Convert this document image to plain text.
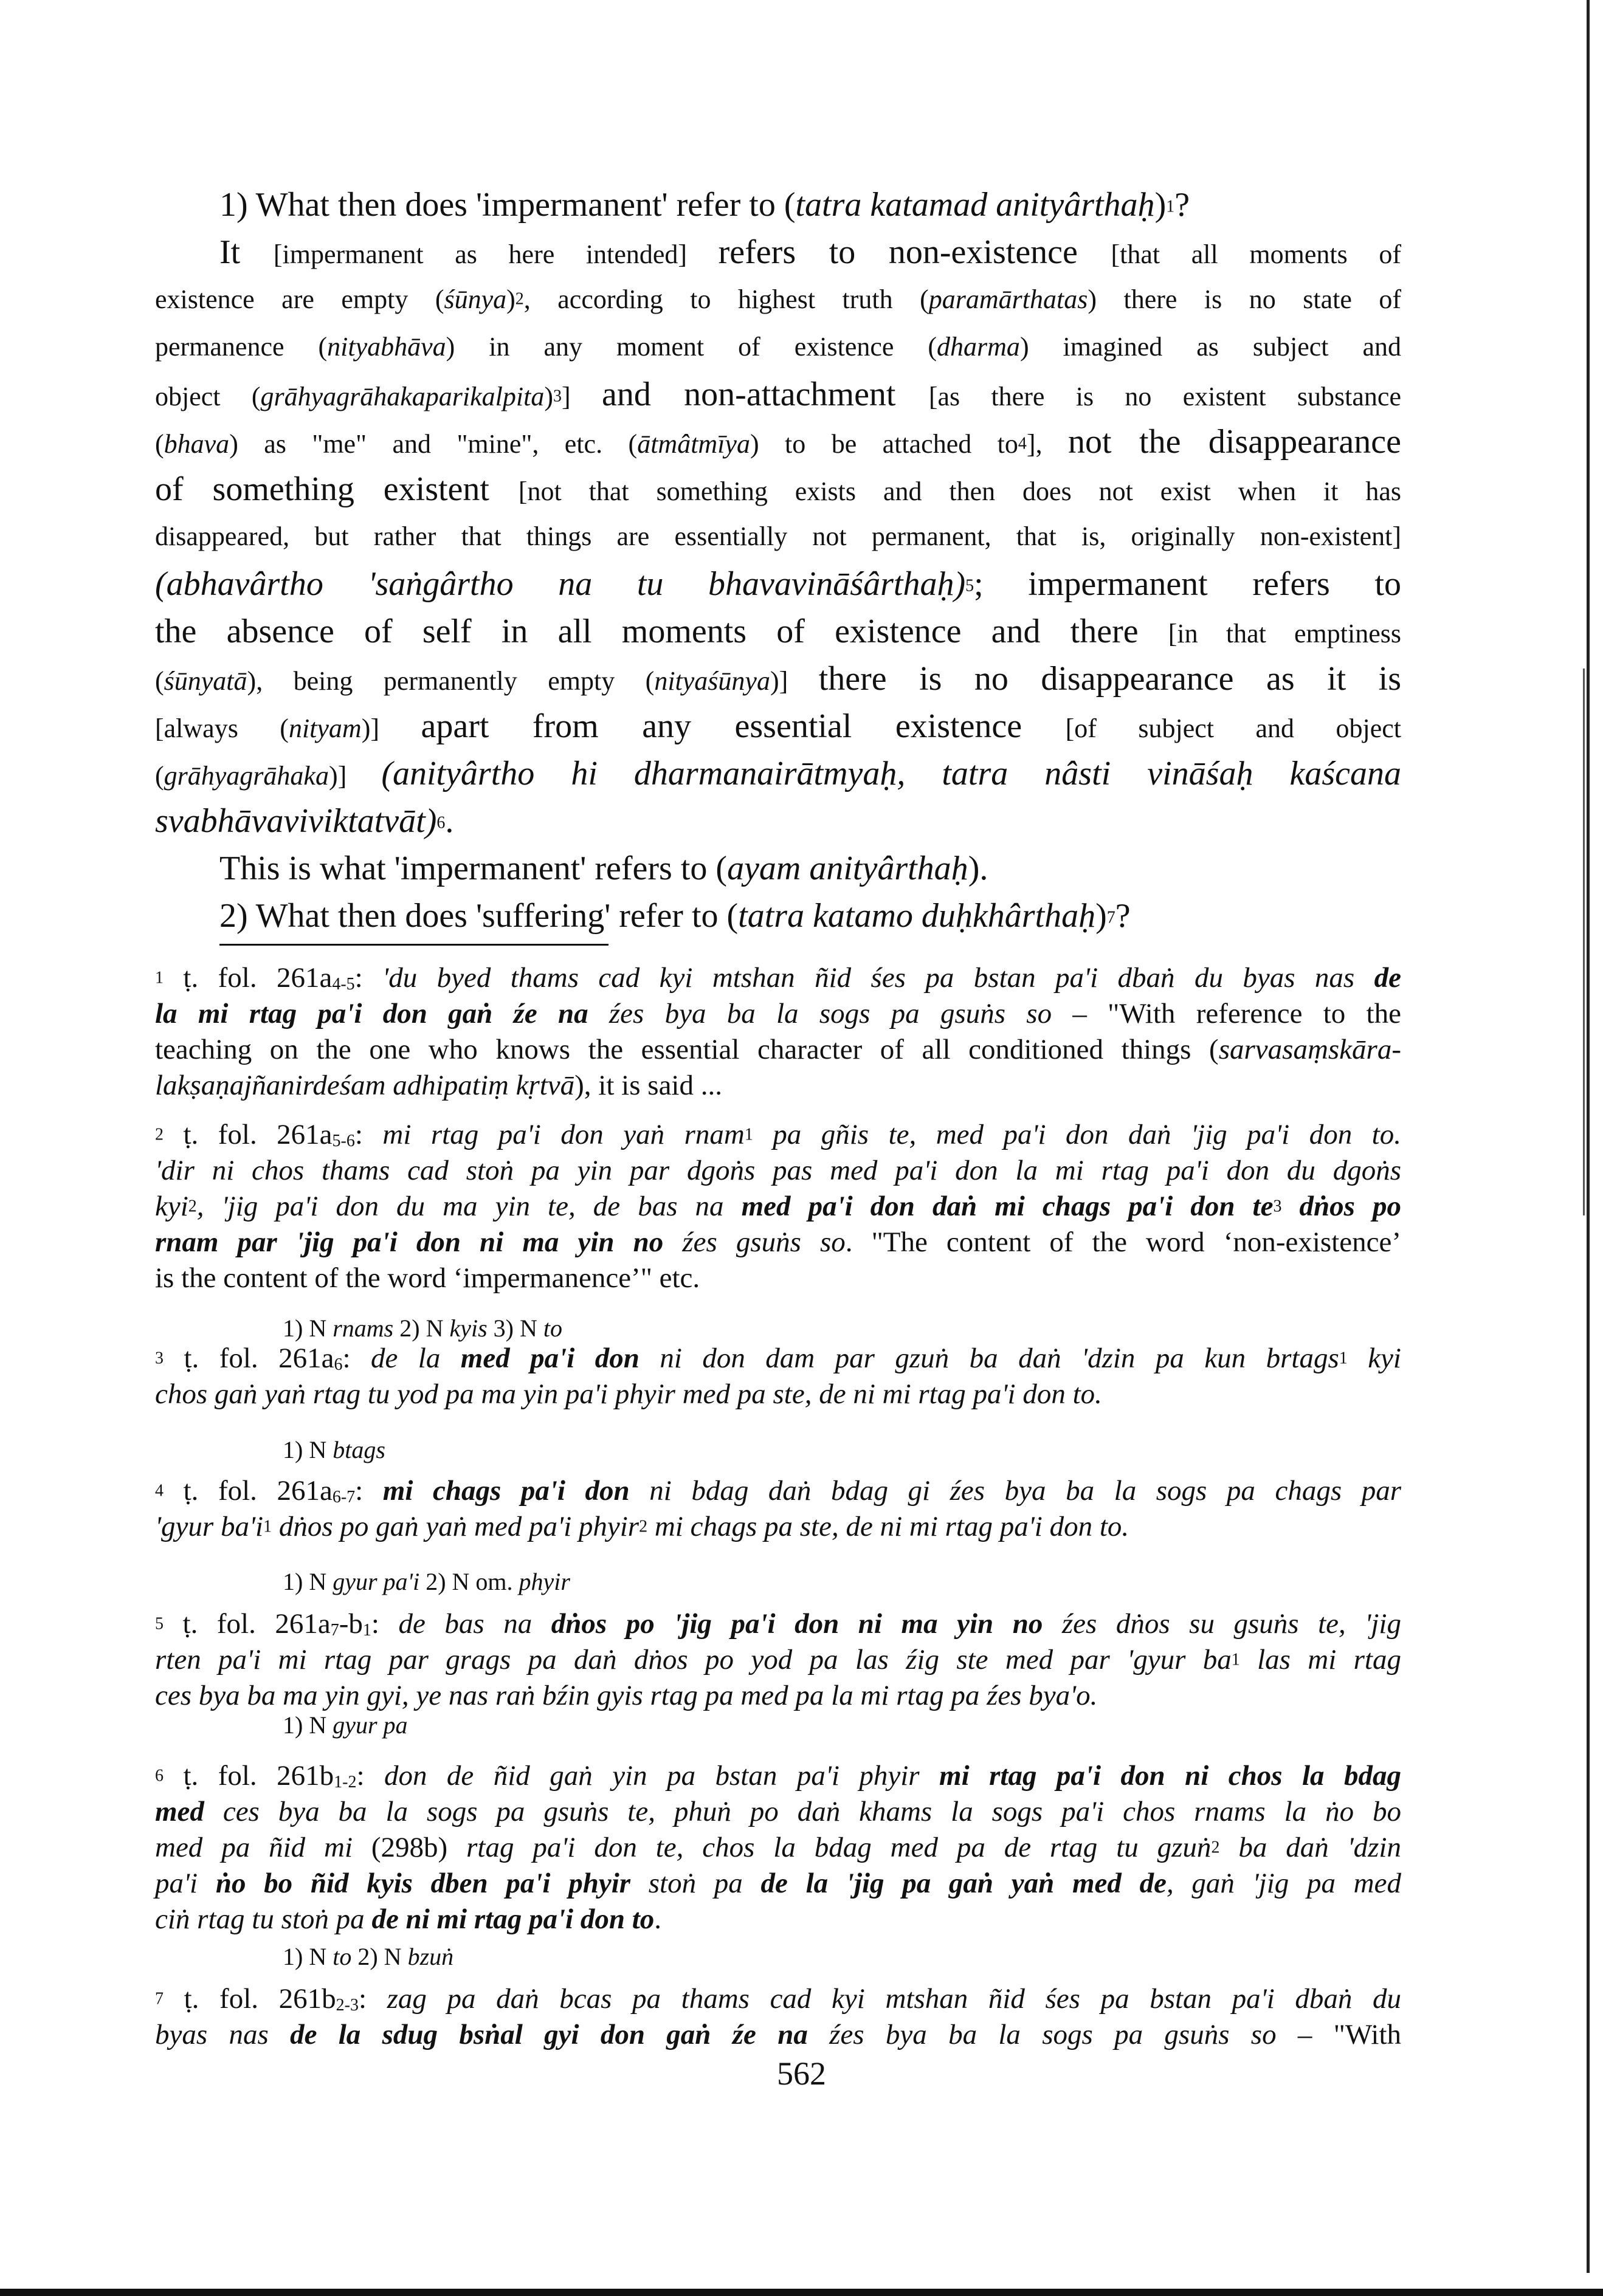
1) What then does 'impermanent' refer to (tatra katamad anityârthaḥ)1?
It [impermanent as here intended] refers to non-existence [that all moments of
existence are empty (śūnya)2, according to highest truth (paramārthatas) there is no state of
permanence (nityabhāva) in any moment of existence (dharma) imagined as subject and
object (grāhyagrāhakaparikalpita)3] and non-attachment [as there is no existent substance
(bhava) as "me" and "mine", etc. (ātmâtmīya) to be attached to4], not the disappearance
of something existent [not that something exists and then does not exist when it has
disappeared, but rather that things are essentially not permanent, that is, originally non-existent]
(abhavârtho 'saṅgârtho na tu bhavavināśârthaḥ)5; impermanent refers to
the absence of self in all moments of existence and there [in that emptiness
(śūnyatā), being permanently empty (nityaśūnya)] there is no disappearance as it is
[always (nityam)] apart from any essential existence [of subject and object
(grāhyagrāhaka)] (anityârtho hi dharmanairātmyaḥ, tatra nâsti vināśaḥ kaścana
svabhāvaviviktatvāt)6.
This is what 'impermanent' refers to (ayam anityârthaḥ).
2) What then does 'suffering' refer to (tatra katamo duḥkhârthaḥ)7?
1 ṭ. fol. 261a4-5: 'du byed thams cad kyi mtshan ñid śes pa bstan pa'i dbaṅ du byas nas de
la mi rtag pa'i don gaṅ źe na źes bya ba la sogs pa gsuṅs so – "With reference to the
teaching on the one who knows the essential character of all conditioned things (sarvasaṃskāra-
lakṣaṇajñanirdeśam adhipatiṃ kṛtvā), it is said ...
2 ṭ. fol. 261a5-6: mi rtag pa'i don yaṅ rnam1 pa gñis te, med pa'i don daṅ 'jig pa'i don to.
'dir ni chos thams cad stoṅ pa yin par dgoṅs pas med pa'i don la mi rtag pa'i don du dgoṅs
kyi2, 'jig pa'i don du ma yin te, de bas na med pa'i don daṅ mi chags pa'i don te3 dṅos po
rnam par 'jig pa'i don ni ma yin no źes gsuṅs so. "The content of the word ‘non-existence’
is the content of the word ‘impermanence’" etc.
1) N rnams 2) N kyis 3) N to
3 ṭ. fol. 261a6: de la med pa'i don ni don dam par gzuṅ ba daṅ 'dzin pa kun brtags1 kyi
chos gaṅ yaṅ rtag tu yod pa ma yin pa'i phyir med pa ste, de ni mi rtag pa'i don to.
1) N btags
4 ṭ. fol. 261a6-7: mi chags pa'i don ni bdag daṅ bdag gi źes bya ba la sogs pa chags par
'gyur ba'i1 dṅos po gaṅ yaṅ med pa'i phyir2 mi chags pa ste, de ni mi rtag pa'i don to.
1) N gyur pa'i 2) N om. phyir
5 ṭ. fol. 261a7-b1: de bas na dṅos po 'jig pa'i don ni ma yin no źes dṅos su gsuṅs te, 'jig
rten pa'i mi rtag par grags pa daṅ dṅos po yod pa las źig ste med par 'gyur ba1 las mi rtag
ces bya ba ma yin gyi, ye nas raṅ bźin gyis rtag pa med pa la mi rtag pa źes bya'o.
1) N gyur pa
6 ṭ. fol. 261b1-2: don de ñid gaṅ yin pa bstan pa'i phyir mi rtag pa'i don ni chos la bdag
med ces bya ba la sogs pa gsuṅs te, phuṅ po daṅ khams la sogs pa'i chos rnams la ṅo bo
med pa ñid mi (298b) rtag pa'i don te, chos la bdag med pa de rtag tu gzuṅ2 ba daṅ 'dzin
pa'i ṅo bo ñid kyis dben pa'i phyir stoṅ pa de la 'jig pa gaṅ yaṅ med de, gaṅ 'jig pa med
ciṅ rtag tu stoṅ pa de ni mi rtag pa'i don to.
1) N to 2) N bzuṅ
7 ṭ. fol. 261b2-3: zag pa daṅ bcas pa thams cad kyi mtshan ñid śes pa bstan pa'i dbaṅ du
byas nas de la sdug bsṅal gyi don gaṅ źe na źes bya ba la sogs pa gsuṅs so – "With
562
